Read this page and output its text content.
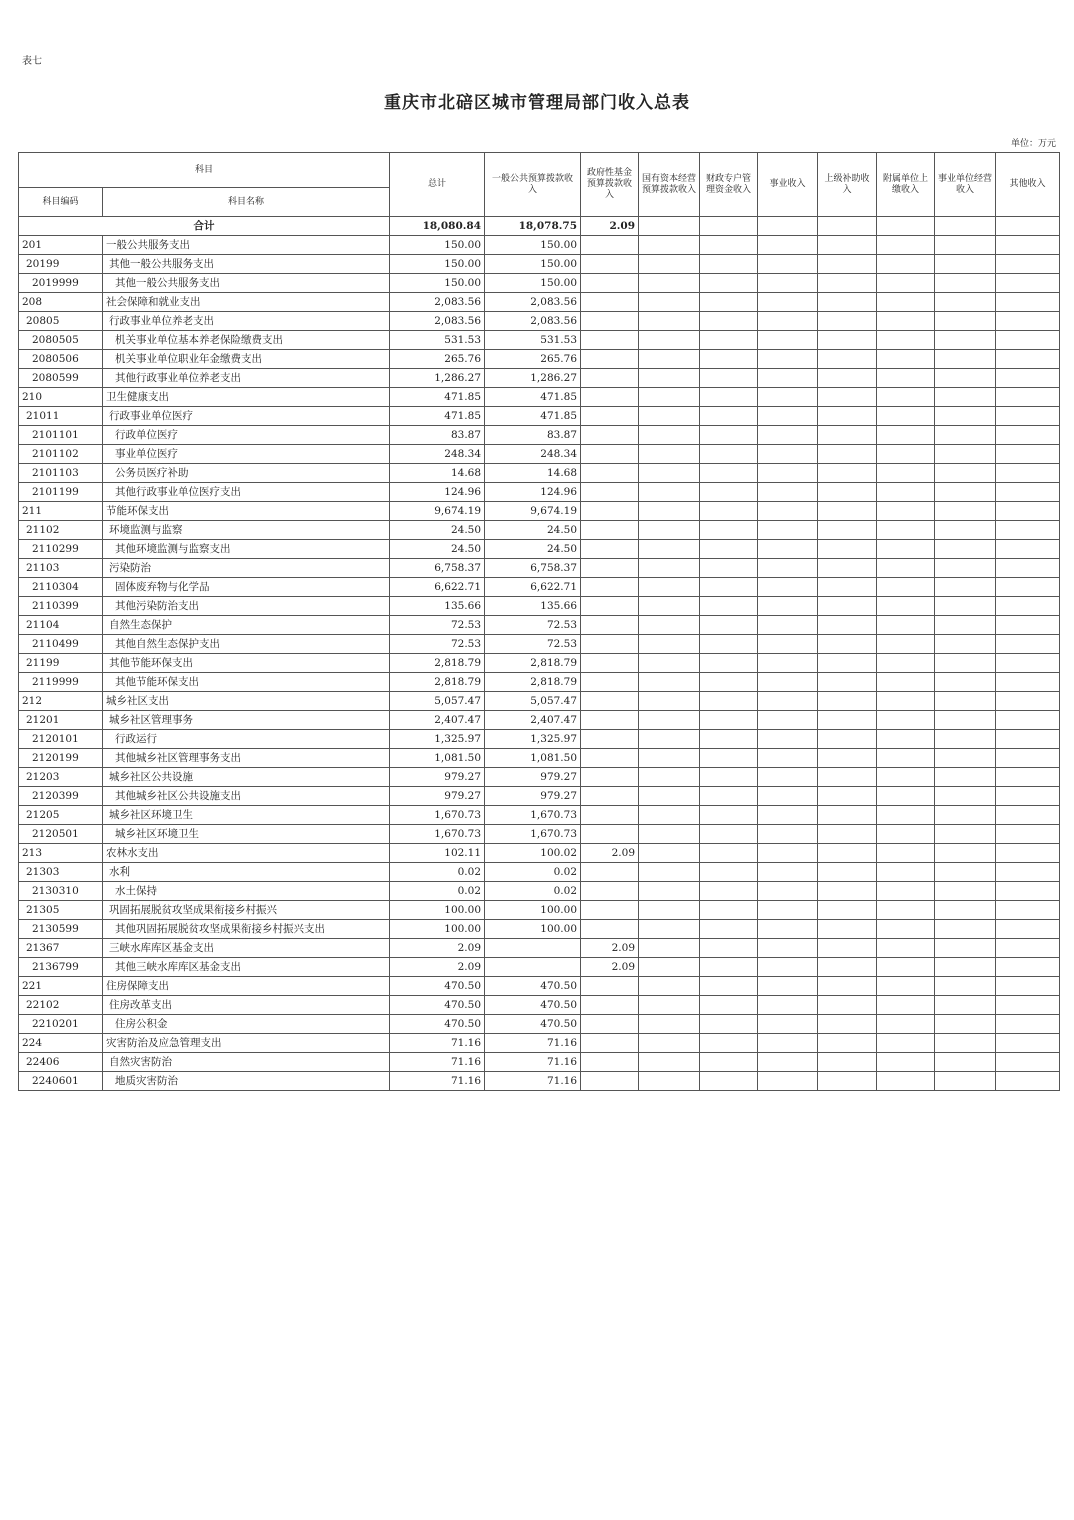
表七
重庆市北碚区城市管理局部门收入总表
单位：万元
科目		总计	一般公共预算拨款收入	政府性基金预算拨款收入	国有资本经营预算拨款收入	财政专户管理资金收入	事业收入	上级补助收入	附属单位上缴收入	事业单位经营收入	其他收入
科目编码	科目名称										
合计		18,080.84	18,078.75	2.09							
201	一般公共服务支出	150.00	150.00								
20199	其他一般公共服务支出	150.00	150.00								
2019999	其他一般公共服务支出	150.00	150.00								
208	社会保障和就业支出	2,083.56	2,083.56								
20805	行政事业单位养老支出	2,083.56	2,083.56								
2080505	机关事业单位基本养老保险缴费支出	531.53	531.53								
2080506	机关事业单位职业年金缴费支出	265.76	265.76								
2080599	其他行政事业单位养老支出	1,286.27	1,286.27								
210	卫生健康支出	471.85	471.85								
21011	行政事业单位医疗	471.85	471.85								
2101101	行政单位医疗	83.87	83.87								
2101102	事业单位医疗	248.34	248.34								
2101103	公务员医疗补助	14.68	14.68								
2101199	其他行政事业单位医疗支出	124.96	124.96								
211	节能环保支出	9,674.19	9,674.19								
21102	环境监测与监察	24.50	24.50								
2110299	其他环境监测与监察支出	24.50	24.50								
21103	污染防治	6,758.37	6,758.37								
2110304	固体废弃物与化学品	6,622.71	6,622.71								
2110399	其他污染防治支出	135.66	135.66								
21104	自然生态保护	72.53	72.53								
2110499	其他自然生态保护支出	72.53	72.53								
21199	其他节能环保支出	2,818.79	2,818.79								
2119999	其他节能环保支出	2,818.79	2,818.79								
212	城乡社区支出	5,057.47	5,057.47								
21201	城乡社区管理事务	2,407.47	2,407.47								
2120101	行政运行	1,325.97	1,325.97								
2120199	其他城乡社区管理事务支出	1,081.50	1,081.50								
21203	城乡社区公共设施	979.27	979.27								
2120399	其他城乡社区公共设施支出	979.27	979.27								
21205	城乡社区环境卫生	1,670.73	1,670.73								
2120501	城乡社区环境卫生	1,670.73	1,670.73								
213	农林水支出	102.11	100.02	2.09							
21303	水利	0.02	0.02								
2130310	水土保持	0.02	0.02								
21305	巩固拓展脱贫攻坚成果衔接乡村振兴	100.00	100.00								
2130599	其他巩固拓展脱贫攻坚成果衔接乡村振兴支出	100.00	100.00								
21367	三峡水库库区基金支出	2.09		2.09							
2136799	其他三峡水库库区基金支出	2.09		2.09							
221	住房保障支出	470.50	470.50								
22102	住房改革支出	470.50	470.50								
2210201	住房公积金	470.50	470.50								
224	灾害防治及应急管理支出	71.16	71.16								
22406	自然灾害防治	71.16	71.16								
2240601	地质灾害防治	71.16	71.16								
